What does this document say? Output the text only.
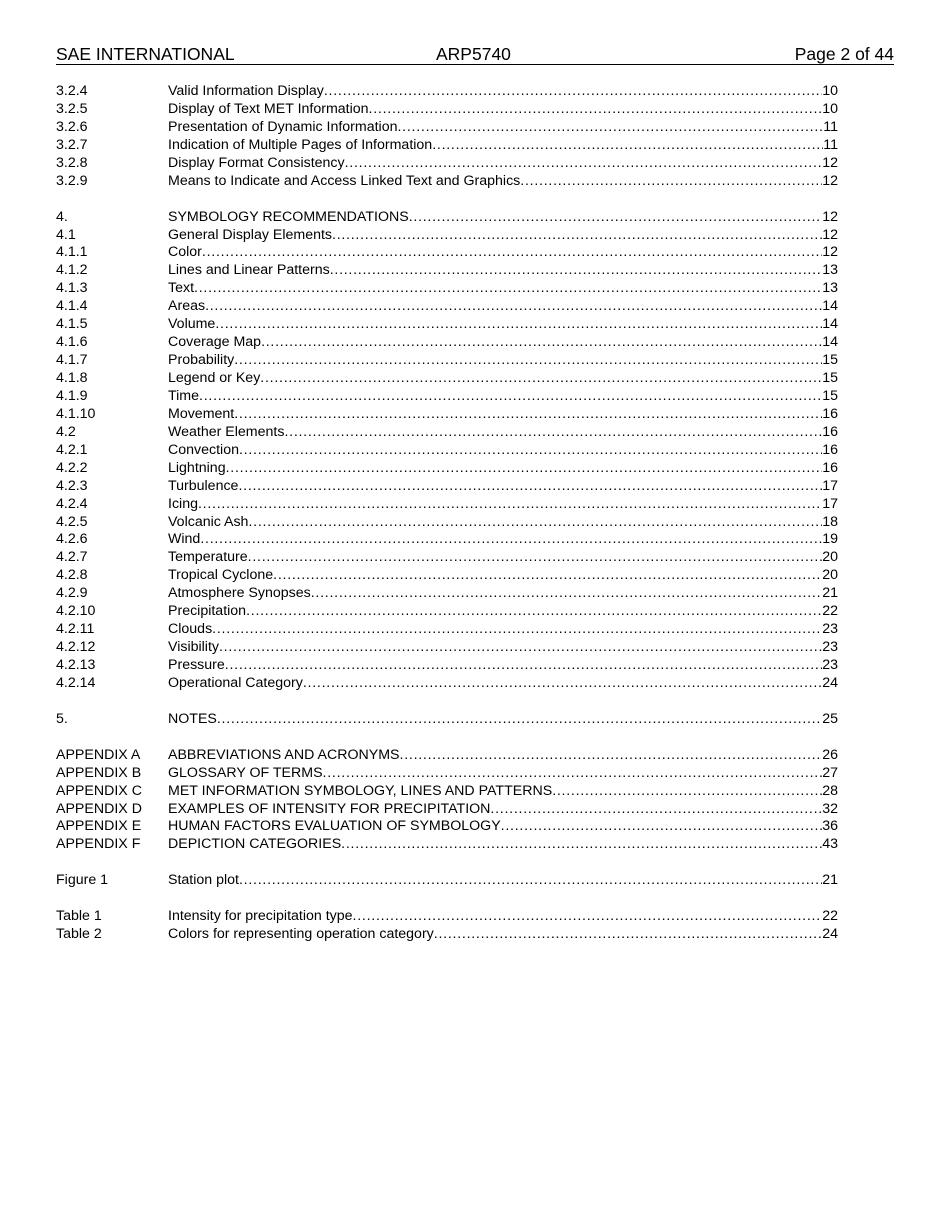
SAE INTERNATIONAL	ARP5740	Page 2 of 44
3.2.4	Valid Information Display . . .	10
3.2.5	Display of Text MET Information . . .	10
3.2.6	Presentation of Dynamic Information . . .	11
3.2.7	Indication of Multiple Pages of Information . . .	11
3.2.8	Display Format Consistency . . .	12
3.2.9	Means to Indicate and Access Linked Text and Graphics . . .	12
4.	SYMBOLOGY RECOMMENDATIONS . . .	12
4.1	General Display Elements . . .	12
4.1.1	Color . . .	12
4.1.2	Lines and Linear Patterns . . .	13
4.1.3	Text . . .	13
4.1.4	Areas . . .	14
4.1.5	Volume . . .	14
4.1.6	Coverage Map . . .	14
4.1.7	Probability . . .	15
4.1.8	Legend or Key . . .	15
4.1.9	Time . . .	15
4.1.10	Movement . . .	16
4.2	Weather Elements . . .	16
4.2.1	Convection . . .	16
4.2.2	Lightning . . .	16
4.2.3	Turbulence . . .	17
4.2.4	Icing . . .	17
4.2.5	Volcanic Ash . . .	18
4.2.6	Wind . . .	19
4.2.7	Temperature . . .	20
4.2.8	Tropical Cyclone . . .	20
4.2.9	Atmosphere Synopses . . .	21
4.2.10	Precipitation . . .	22
4.2.11	Clouds . . .	23
4.2.12	Visibility . . .	23
4.2.13	Pressure . . .	23
4.2.14	Operational Category . . .	24
5.	NOTES . . .	25
APPENDIX A ABBREVIATIONS AND ACRONYMS . . .	26
APPENDIX B GLOSSARY OF TERMS . . .	27
APPENDIX C MET INFORMATION SYMBOLOGY, LINES AND PATTERNS . . .	28
APPENDIX D EXAMPLES OF INTENSITY FOR PRECIPITATION . . .	32
APPENDIX E HUMAN FACTORS EVALUATION OF SYMBOLOGY . . .	36
APPENDIX F DEPICTION CATEGORIES . . .	43
Figure 1	Station plot . . .	21
Table 1	Intensity for precipitation type . . .	22
Table 2	Colors for representing operation category . . .	24
